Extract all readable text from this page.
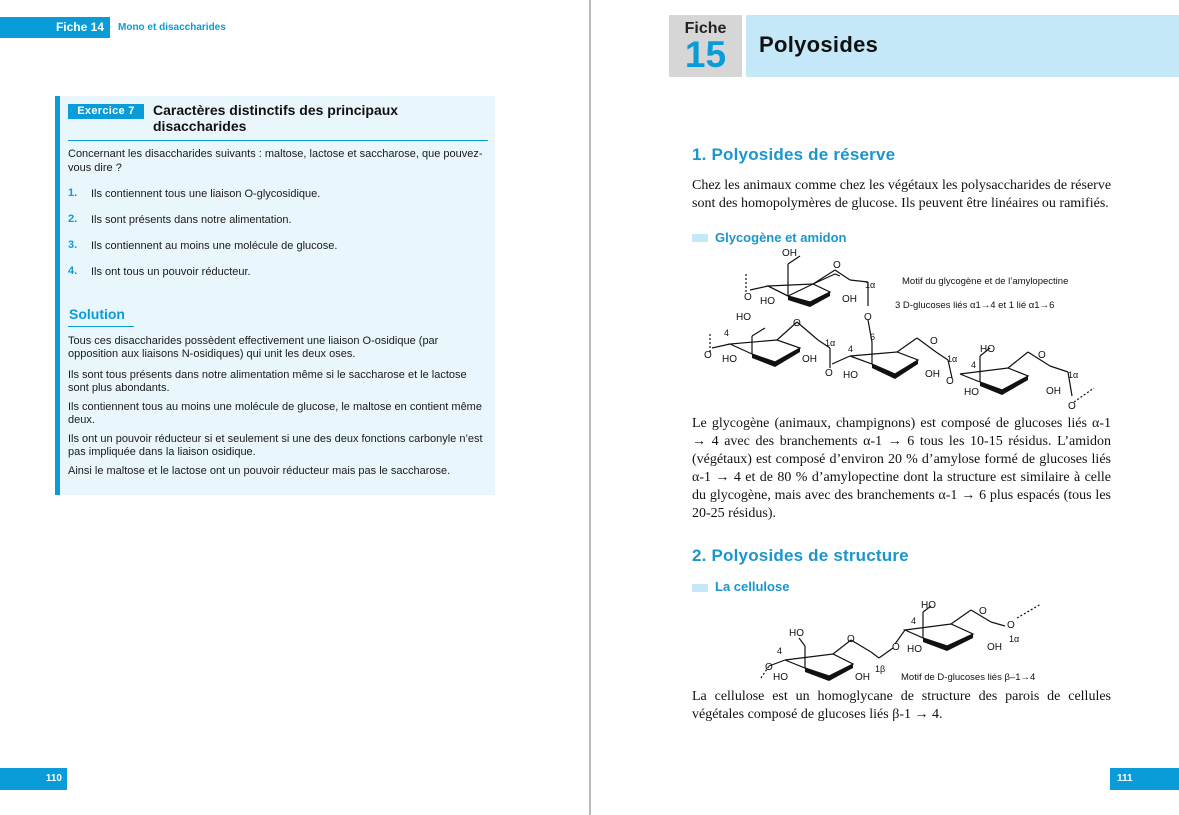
Fiche 14	Mono et disaccharides
Exercice 7	Caractères distinctifs des principaux disaccharides
Concernant les disaccharides suivants : maltose, lactose et saccharose, que pouvez-vous dire ?
1.	Ils contiennent tous une liaison O-glycosidique.
2.	Ils sont présents dans notre alimentation.
3.	Ils contiennent au moins une molécule de glucose.
4.	Ils ont tous un pouvoir réducteur.
Solution
Tous ces disaccharides possèdent effectivement une liaison O-osidique (par opposition aux liaisons N-osidiques) qui unit les deux oses.
Ils sont tous présents dans notre alimentation même si le saccharose et le lactose sont plus abondants.
Ils contiennent tous au moins une molécule de glucose, le maltose en contient même deux.
Ils ont un pouvoir réducteur si et seulement si une des deux fonctions carbonyle n’est pas impliquée dans la liaison osidique.
Ainsi le maltose et le lactose ont un pouvoir réducteur mais pas le saccharose.
110
Fiche
15	Polyosides
1. Polyosides de réserve
Chez les animaux comme chez les végétaux les polysaccharides de réserve sont des homopolymères de glucose. Ils peuvent être linéaires ou ramifiés.
Glycogène et amidon
OH
O
1α
HO	OH
O
O
HO
O
4
1α
6
O HO	OH
4
O
1α
O HO	OH
HO
4
O
O
1α
HO	OH
O
Motif du glycogène et de l’amylopectine
3 D-glucoses liés α1→4 et 1 lié α1→6
Le glycogène (animaux, champignons) est composé de glucoses liés α-1 → 4 avec des branchements α-1 → 6 tous les 10-15 résidus. L’amidon (végétaux) est composé d’environ 20 % d’amylose formé de glucoses liés α-1 → 4 et de 80 % d’amylopectine dont la structure est similaire à celle du glycogène, mais avec des branchements α-1 → 6 plus espacés (tous les 20-25 résidus).
2. Polyosides de structure
La cellulose
HO
O
4
O
HO	OH
1β
O
HO
4
O
HO	OH
1α
O
Motif de D-glucoses liés β–1→4
La cellulose est un homoglycane de structure des parois de cellules végétales composé de glucoses liés β-1 → 4.
111
